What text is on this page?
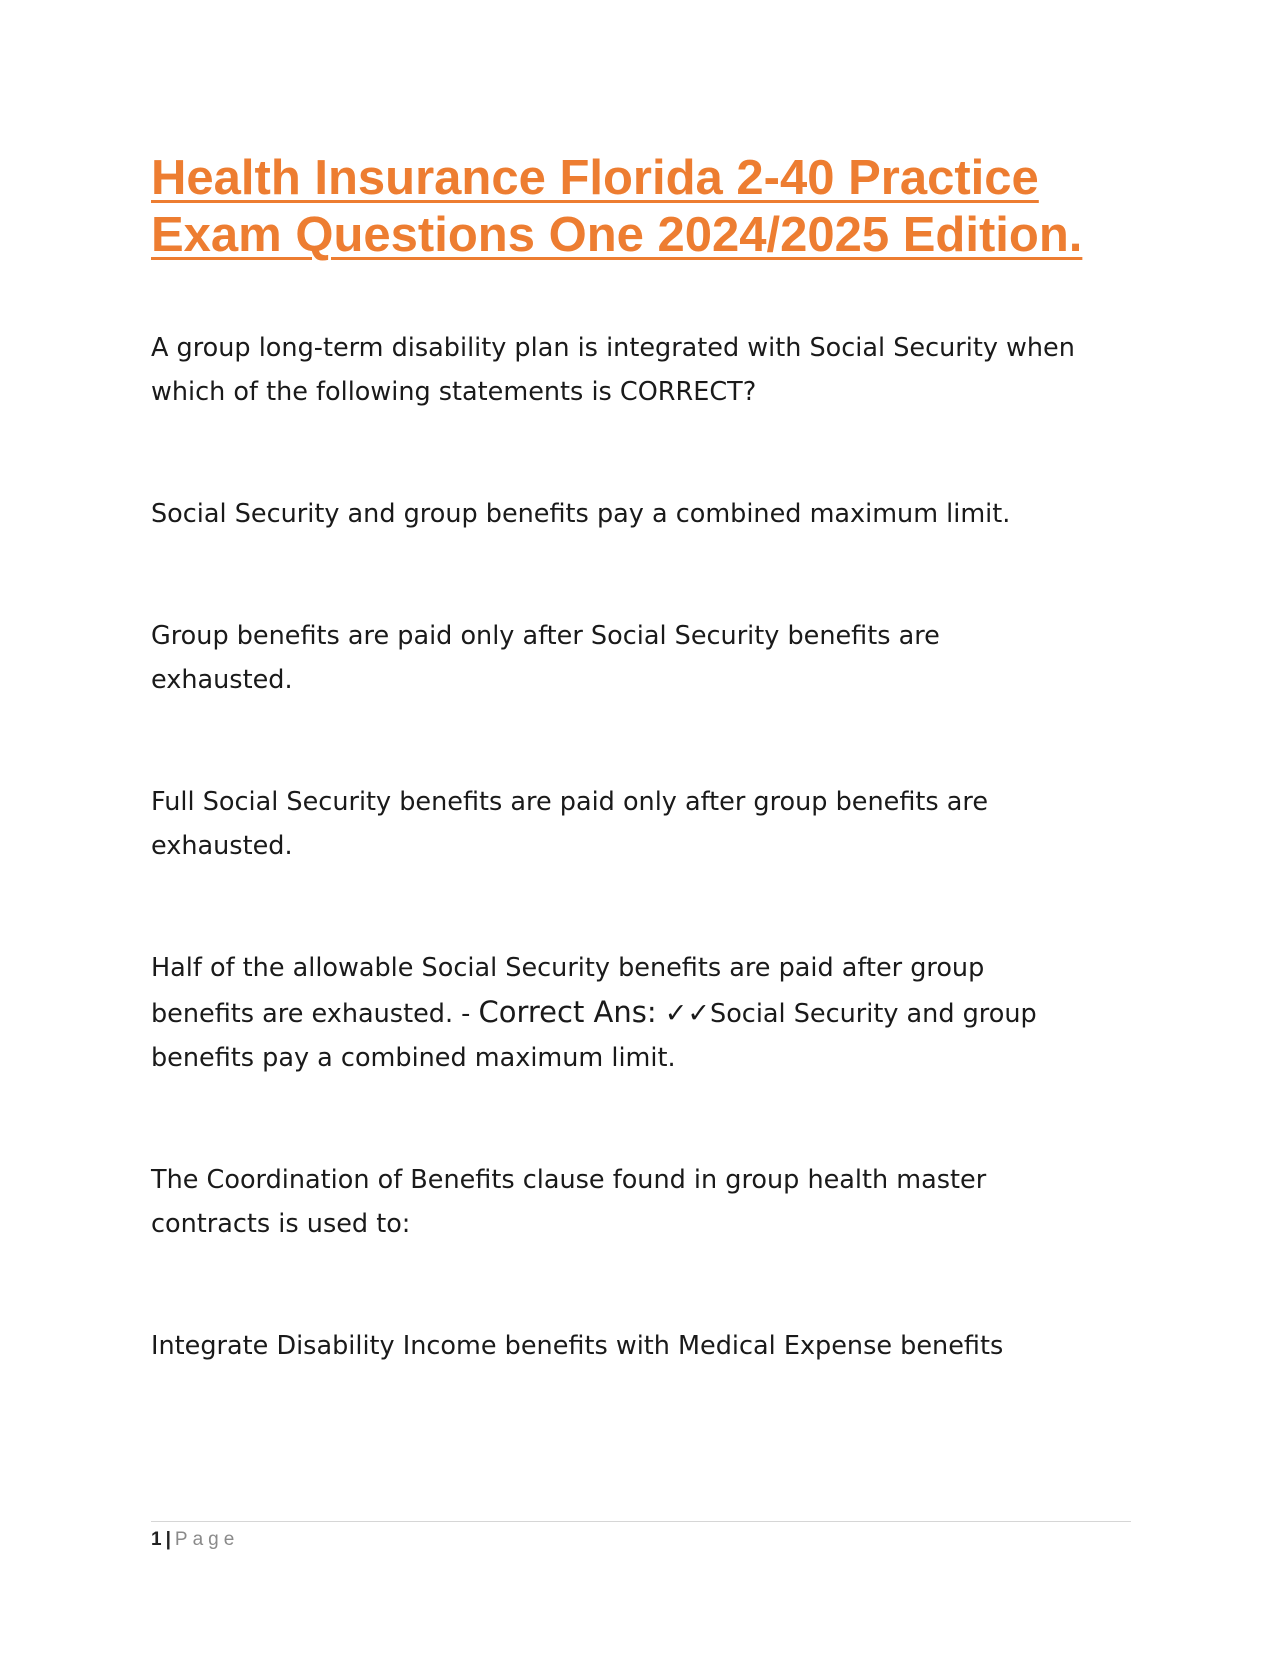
Health Insurance Florida 2-40 Practice
Exam Questions One 2024/2025 Edition.

A group long-term disability plan is integrated with Social Security when
which of the following statements is CORRECT?

Social Security and group benefits pay a combined maximum limit.

Group benefits are paid only after Social Security benefits are
exhausted.

Full Social Security benefits are paid only after group benefits are
exhausted.

Half of the allowable Social Security benefits are paid after group
benefits are exhausted. - Correct Ans: ✓✓Social Security and group
benefits pay a combined maximum limit.

The Coordination of Benefits clause found in group health master
contracts is used to:

Integrate Disability Income benefits with Medical Expense benefits

1 | Page
